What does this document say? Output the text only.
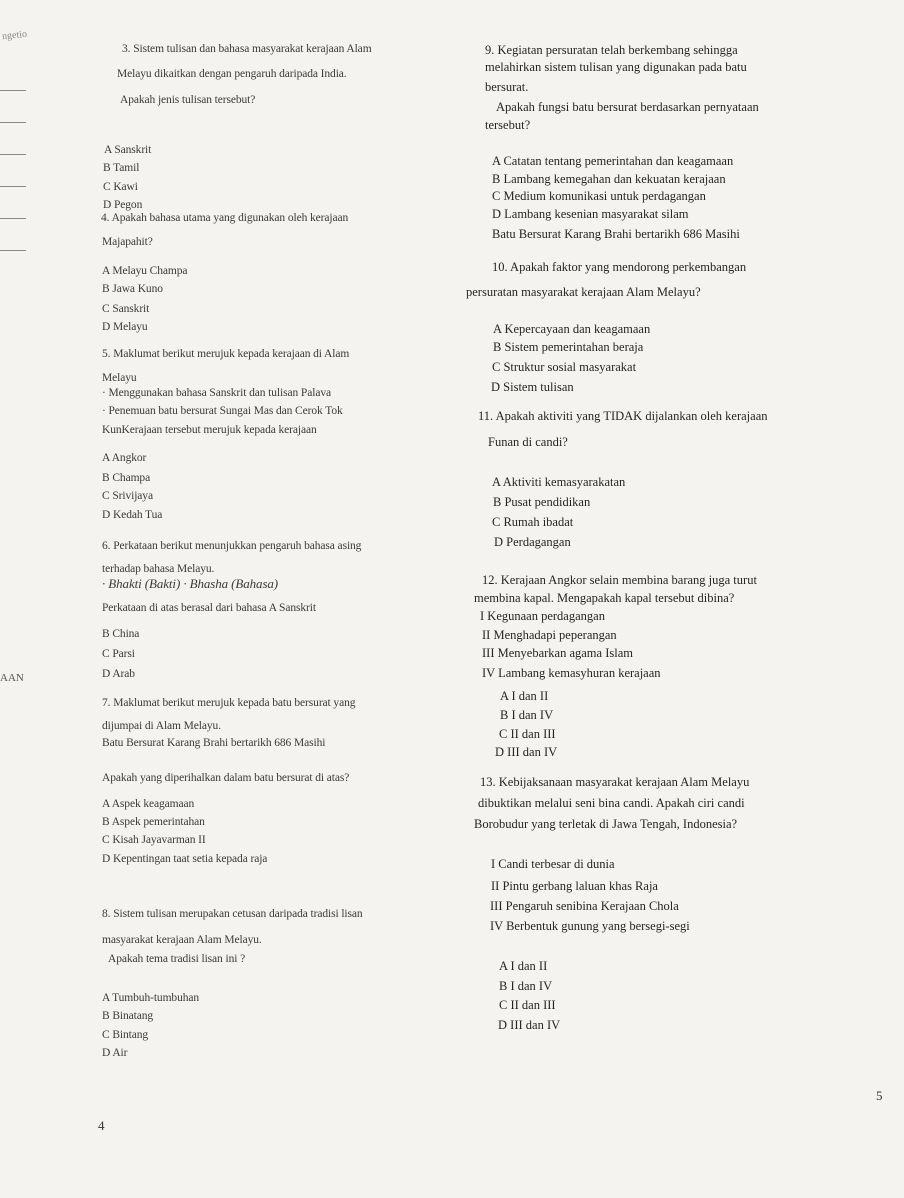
3. Sistem tulisan dan bahasa masyarakat kerajaan Alam
Melayu dikaitkan dengan pengaruh daripada India.
Apakah jenis tulisan tersebut?
A Sanskrit
B Tamil
C Kawi
D Pegon
4. Apakah bahasa utama yang digunakan oleh kerajaan
Majapahit?
A Melayu Champa
B Jawa Kuno
C Sanskrit
D Melayu
5. Maklumat berikut merujuk kepada kerajaan di Alam
Melayu
· Menggunakan bahasa Sanskrit dan tulisan Palava
· Penemuan batu bersurat Sungai Mas dan Cerok Tok
KunKerajaan tersebut merujuk kepada kerajaan
A Angkor
B Champa
C Srivijaya
D Kedah Tua
6. Perkataan berikut menunjukkan pengaruh bahasa asing
terhadap bahasa Melayu.
· Bhakti (Bakti) · Bhasha (Bahasa)
Perkataan di atas berasal dari bahasa A Sanskrit
B China
C Parsi
D Arab
7. Maklumat berikut merujuk kepada batu bersurat yang
dijumpai di Alam Melayu.
Batu Bersurat Karang Brahi bertarikh 686 Masihi
Apakah yang diperihalkan dalam batu bersurat di atas?
A Aspek keagamaan
B Aspek pemerintahan
C Kisah Jayavarman II
D Kepentingan taat setia kepada raja
8. Sistem tulisan merupakan cetusan daripada tradisi lisan
masyarakat kerajaan Alam Melayu.
Apakah tema tradisi lisan ini ?
A Tumbuh-tumbuhan
B Binatang
C Bintang
D Air
9. Kegiatan persuratan telah berkembang sehingga
melahirkan sistem tulisan yang digunakan pada batu
bersurat.
Apakah fungsi batu bersurat berdasarkan pernyataan
tersebut?
A Catatan tentang pemerintahan dan keagamaan
B Lambang kemegahan dan kekuatan kerajaan
C Medium komunikasi untuk perdagangan
D Lambang kesenian masyarakat silam
Batu Bersurat Karang Brahi bertarikh 686 Masihi
10. Apakah faktor yang mendorong perkembangan
persuratan masyarakat kerajaan Alam Melayu?
A Kepercayaan dan keagamaan
B Sistem pemerintahan beraja
C Struktur sosial masyarakat
D Sistem tulisan
11. Apakah aktiviti yang TIDAK dijalankan oleh kerajaan
Funan di candi?
A Aktiviti kemasyarakatan
B Pusat pendidikan
C Rumah ibadat
D Perdagangan
12. Kerajaan Angkor selain membina barang juga turut
membina kapal. Mengapakah kapal tersebut dibina?
I Kegunaan perdagangan
II Menghadapi peperangan
III Menyebarkan agama Islam
IV Lambang kemasyhuran kerajaan
A I dan II
B I dan IV
C II dan III
D III dan IV
13. Kebijaksanaan masyarakat kerajaan Alam Melayu
dibuktikan melalui seni bina candi. Apakah ciri candi
Borobudur yang terletak di Jawa Tengah, Indonesia?
I Candi terbesar di dunia
II Pintu gerbang laluan khas Raja
III Pengaruh senibina Kerajaan Chola
IV Berbentuk gunung yang bersegi-segi
A I dan II
B I dan IV
C II dan III
D III dan IV
ngetio
AAN
4
5
